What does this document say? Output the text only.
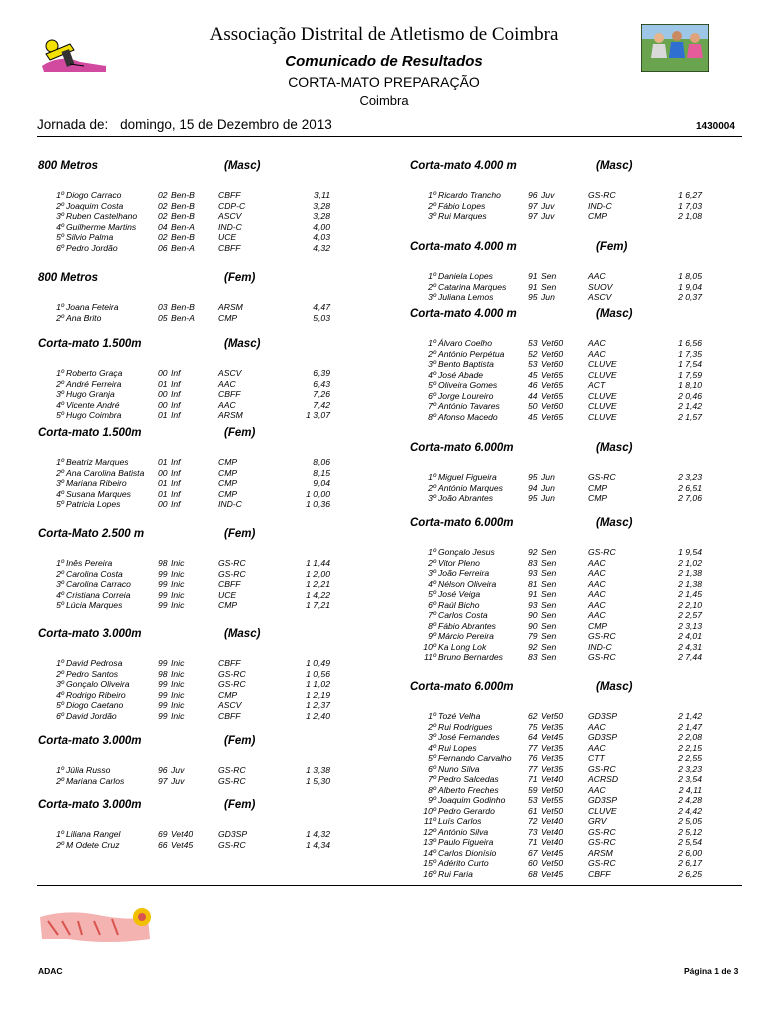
Associação Distrital de Atletismo de Coimbra
Comunicado de Resultados
CORTA-MATO PREPARAÇÃO
Coimbra
Jornada de: domingo, 15 de Dezembro de 2013	1430004
800 Metros	(Masc)
1º Diogo Carraco	02 Ben-B	CBFF	3,11
2º Joaquim Costa	02 Ben-B	CDP-C	3,28
3º Ruben Castelhano 02 Ben-B	ASCV	3,28
4º Guilherme Martins	04 Ben-A	IND-C	4,00
5º Silvio Palma	02 Ben-B	UCE	4,03
6º Pedro Jordão	06 Ben-A	CBFF	4,32
800 Metros	(Fem)
1º Joana Feteira	03 Ben-B	ARSM	4,47
2º Ana Brito	05 Ben-A	CMP	5,03
Corta-mato 1.500m	(Masc)
1º Roberto Graça	00 Inf	ASCV	6,39
2º André Ferreira	01 Inf	AAC	6,43
3º Hugo Granja	00 Inf	CBFF	7,26
4º Vicente André	00 Inf	AAC	7,42
5º Hugo Coimbra	01 Inf	ARSM	1 3,07
Corta-mato 1.500m	(Fem)
1º Beatriz Marques	01 Inf	CMP	8,06
2º Ana Carolina Batista 00 Inf	CMP	8,15
3º Mariana Ribeiro	01 Inf	CMP	9,04
4º Susana Marques	01 Inf	CMP	1 0,00
5º Patricia Lopes	00 Inf	IND-C	1 0,36
Corta-Mato 2.500 m	(Fem)
1º Inês Pereira	98 Inic	GS-RC	1 1,44
2º Carolina Costa	99 Inic	GS-RC	1 2,00
3º Carolina Carraco	99 Inic	CBFF	1 2,21
4º Cristiana Correia	99 Inic	UCE	1 4,22
5º Lúcia Marques	99 Inic	CMP	1 7,21
Corta-mato 3.000m	(Masc)
1º David Pedrosa	99 Inic	CBFF	1 0,49
2º Pedro Santos	98 Inic	GS-RC	1 0,56
3º Gonçalo Oliveira	99 Inic	GS-RC	1 1,02
4º Rodrigo Ribeiro	99 Inic	CMP	1 2,19
5º Diogo Caetano	99 Inic	ASCV	1 2,37
6º David Jordão	99 Inic	CBFF	1 2,40
Corta-mato 3.000m	(Fem)
1º Júlia Russo	96 Juv	GS-RC	1 3,38
2º Mariana Carlos	97 Juv	GS-RC	1 5,30
Corta-mato 3.000m	(Fem)
1º Liliana Rangel	69 Vet40	GD3SP	1 4,32
2º M Odete Cruz	66 Vet45	GS-RC	1 4,34
Corta-mato 4.000 m	(Masc)
1º Ricardo Trancho	96 Juv	GS-RC	1 6,27
2º Fábio Lopes	97 Juv	IND-C	1 7,03
3º Rui Marques	97 Juv	CMP	2 1,08
Corta-mato 4.000 m	(Fem)
1º Daniela Lopes	91 Sen	AAC	1 8,05
2º Catarina Marques	91 Sen	SUOV	1 9,04
3º Juliana Lemos	95 Jun	ASCV	2 0,37
Corta-mato 4.000 m	(Masc)
1º Álvaro Coelho	53 Vet60	AAC	1 6,56
2º António Perpétua	52 Vet60	AAC	1 7,35
3º Bento Baptista	53 Vet60	CLUVE	1 7,54
4º José Abade	45 Vet65	CLUVE	1 7,59
5º Oliveira Gomes	46 Vet65	ACT	1 8,10
6º Jorge Loureiro	44 Vet65	CLUVE	2 0,46
7º António Tavares	50 Vet60	CLUVE	2 1,42
8º Afonso Macedo	45 Vet65	CLUVE	2 1,57
Corta-mato 6.000m	(Masc)
1º Miguel Figueira	95 Jun	GS-RC	2 3,23
2º António Marques	94 Jun	CMP	2 6,51
3º João Abrantes	95 Jun	CMP	2 7,06
Corta-mato 6.000m	(Masc)
1º Gonçalo Jesus	92 Sen	GS-RC	1 9,54
2º Vitor Pleno	83 Sen	AAC	2 1,02
3º João Ferreira	93 Sen	AAC	2 1,38
4º Nélson Oliveira	81 Sen	AAC	2 1,38
5º José Veiga	91 Sen	AAC	2 1,45
6º Raúl Bicho	93 Sen	AAC	2 2,10
7º Carlos Costa	90 Sen	AAC	2 2,57
8º Fábio Abrantes	90 Sen	CMP	2 3,13
9º Márcio Pereira	79 Sen	GS-RC	2 4,01
10º Ka Long Lok	92 Sen	IND-C	2 4,31
11º Bruno Bernardes	83 Sen	GS-RC	2 7,44
Corta-mato 6.000m	(Masc)
1º Tozé Velha	62 Vet50	GD3SP	2 1,42
2º Rui Rodrigues	75 Vet35	AAC	2 1,47
3º José Fernandes	64 Vet45	GD3SP	2 2,08
4º Rui Lopes	77 Vet35	AAC	2 2,15
5º Fernando Carvalho 76 Vet35	CTT	2 2,55
6º Nuno Silva	77 Vet35	GS-RC	2 3,23
7º Pedro Salcedas	71 Vet40	ACRSD	2 3,54
8º Alberto Freches	59 Vet50	AAC	2 4,11
9º Joaquim Godinho	53 Vet55	GD3SP	2 4,28
10º Pedro Gerardo	61 Vet50	CLUVE	2 4,42
11º Luís Carlos	72 Vet40	GRV	2 5,05
12º António Silva	73 Vet40	GS-RC	2 5,12
13º Paulo Figueira	71 Vet40	GS-RC	2 5,54
14º Carlos Dionísio	67 Vet45	ARSM	2 6,00
15º Adérito Curto	60 Vet50	GS-RC	2 6,17
16º Rui Faria	68 Vet45	CBFF	2 6,25
ADAC	Página 1 de 3
